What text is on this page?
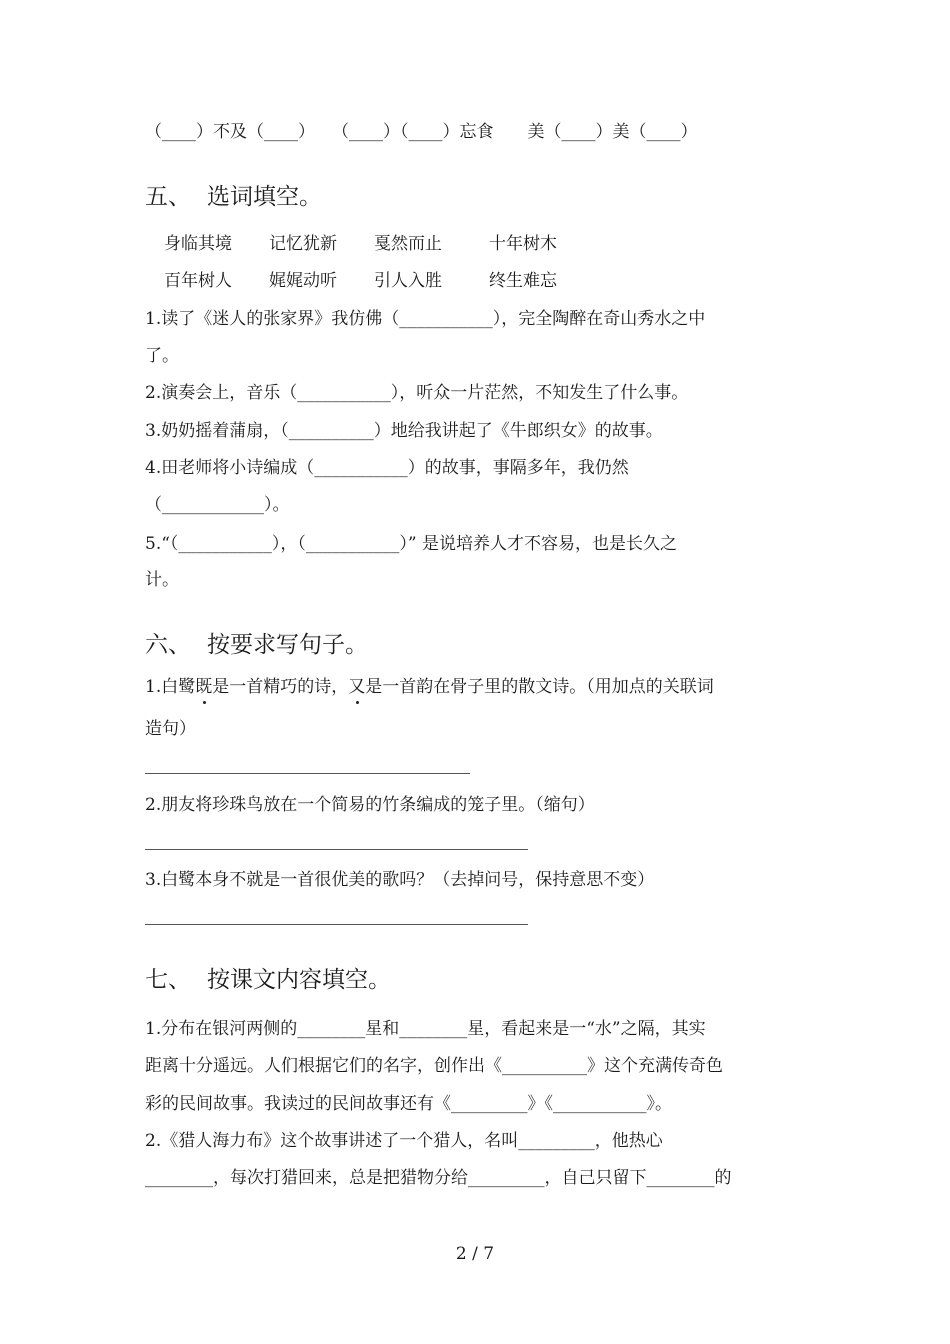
（____）不及（____）　　（____）（____）忘食　　美（____）美（____）
五、 选词填空。
身临其境 记忆犹新 戛然而止	十年树木
百年树人 娓娓动听 引人入胜	终生难忘
1.读了《迷人的张家界》我仿佛（___________），完全陶醉在奇山秀水之中
了。
2.演奏会上，音乐（___________），听众一片茫然，不知发生了什么事。
3.奶奶摇着蒲扇，（__________）地给我讲起了《牛郎织女》的故事。
4.田老师将小诗编成（___________）的故事，事隔多年，我仍然
（____________）。
5.“（___________），（___________）” 是说培养人才不容易，也是长久之
计。
六、 按要求写句子。
1.白鹭既是一首精巧的诗，又是一首韵在骨子里的散文诗。（用加点的关联词
造句）
2.朋友将珍珠鸟放在一个简易的竹条编成的笼子里。（缩句）
3.白鹭本身不就是一首很优美的歌吗？（去掉问号，保持意思不变）
七、 按课文内容填空。
1.分布在银河两侧的________星和________星，看起来是一“水”之隔，其实
距离十分遥远。人们根据它们的名字，创作出《__________》这个充满传奇色
彩的民间故事。我读过的民间故事还有《_________》《___________》。
2.《猎人海力布》这个故事讲述了一个猎人，名叫_________，他热心
________，每次打猎回来，总是把猎物分给_________，自己只留下________的
2 / 7
